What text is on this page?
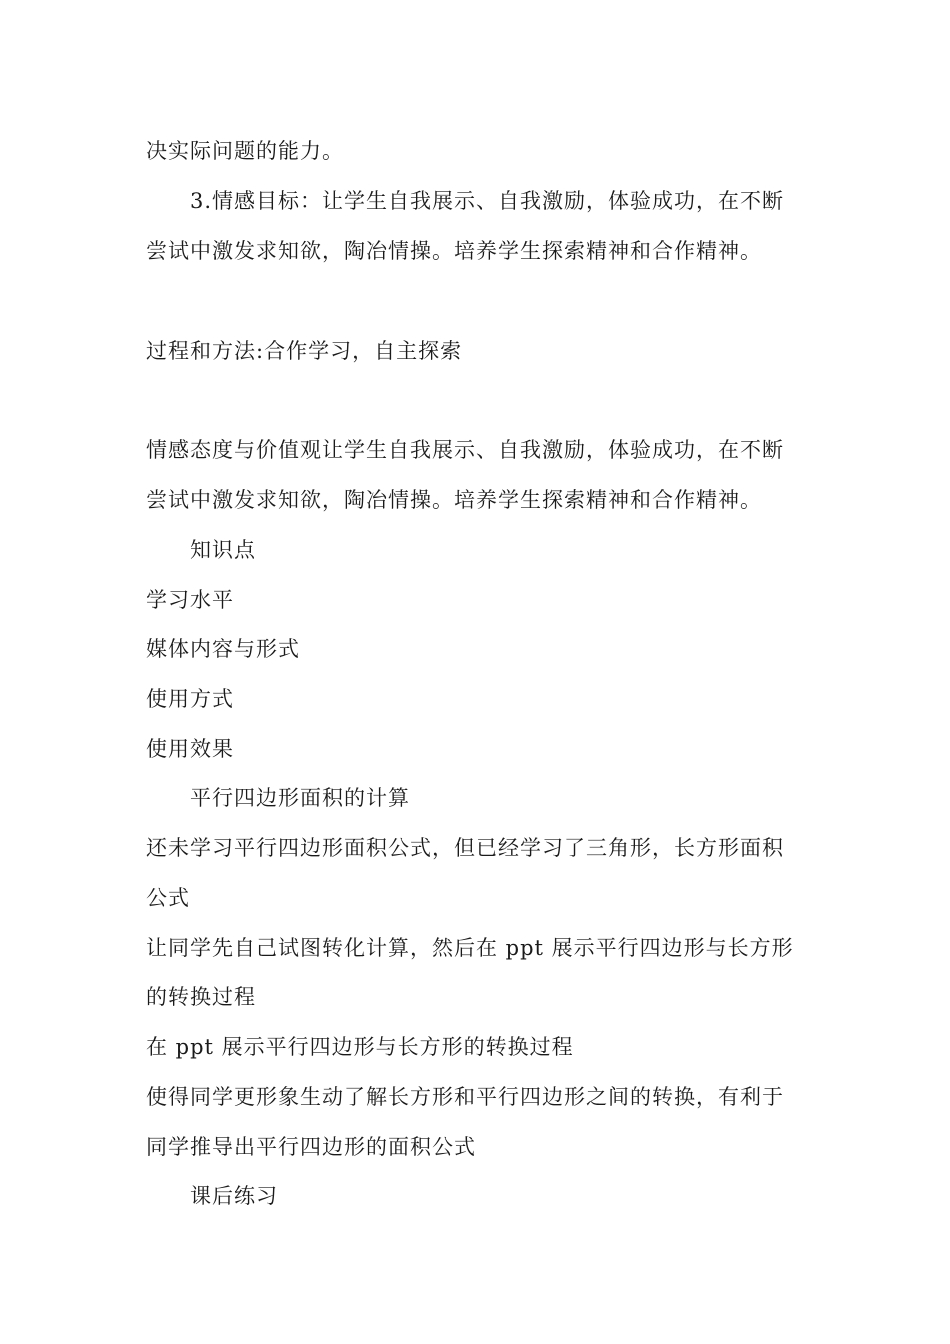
决实际问题的能力。
3.情感目标：让学生自我展示、自我激励，体验成功，在不断
尝试中激发求知欲，陶冶情操。培养学生探索精神和合作精神。
过程和方法:合作学习，自主探索
情感态度与价值观让学生自我展示、自我激励，体验成功，在不断
尝试中激发求知欲，陶冶情操。培养学生探索精神和合作精神。
知识点
学习水平
媒体内容与形式
使用方式
使用效果
平行四边形面积的计算
还未学习平行四边形面积公式，但已经学习了三角形，长方形面积
公式
让同学先自己试图转化计算，然后在 ppt 展示平行四边形与长方形
的转换过程
在 ppt 展示平行四边形与长方形的转换过程
使得同学更形象生动了解长方形和平行四边形之间的转换，有利于
同学推导出平行四边形的面积公式
课后练习
